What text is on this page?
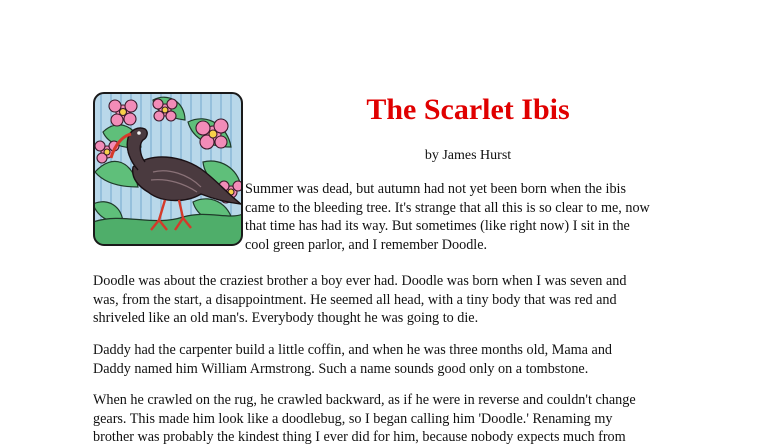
The Scarlet Ibis
by James Hurst

Summer was dead, but autumn had not yet been born when the ibis
came to the bleeding tree. It's strange that all this is so clear to me, now
that time has had its way. But sometimes (like right now) I sit in the
cool green parlor, and I remember Doodle.

Doodle was about the craziest brother a boy ever had. Doodle was born when I was seven and
was, from the start, a disappointment. He seemed all head, with a tiny body that was red and
shriveled like an old man's. Everybody thought he was going to die.

Daddy had the carpenter build a little coffin, and when he was three months old, Mama and
Daddy named him William Armstrong. Such a name sounds good only on a tombstone.

When he crawled on the rug, he crawled backward, as if he were in reverse and couldn't change
gears. This made him look like a doodlebug, so I began calling him 'Doodle.' Renaming my
brother was probably the kindest thing I ever did for him, because nobody expects much from
